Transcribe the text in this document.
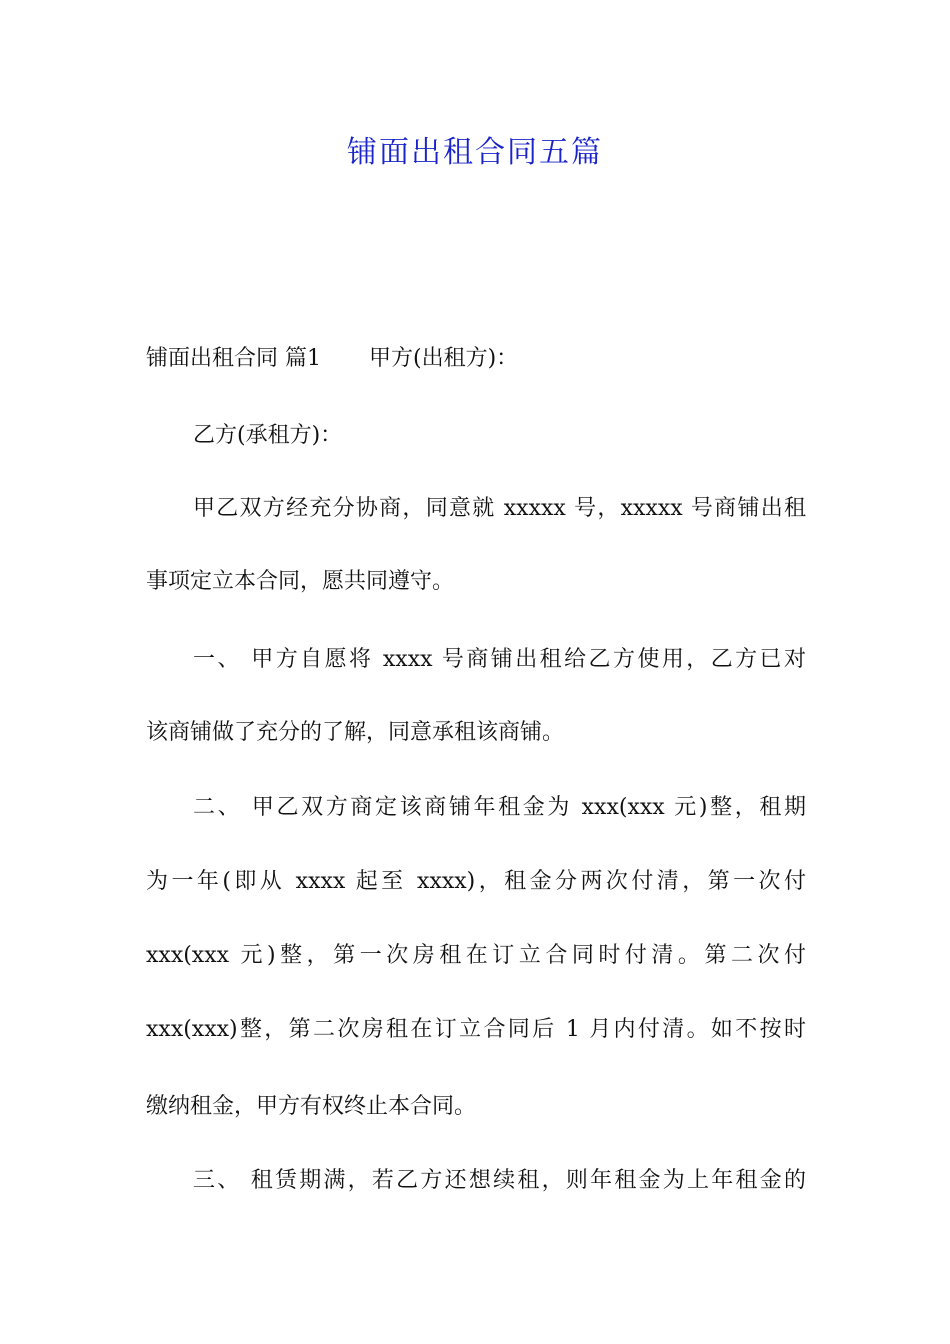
铺面出租合同五篇

铺面出租合同 篇1 甲方(出租方)：

乙方(承租方)：

甲乙双方经充分协商，同意就 xxxxx 号，xxxxx 号商铺出租

事项定立本合同，愿共同遵守。

一、 甲方自愿将 xxxx 号商铺出租给乙方使用，乙方已对

该商铺做了充分的了解，同意承租该商铺。

二、 甲乙双方商定该商铺年租金为 xxx(xxx 元)整，租期

为一年(即从 xxxx 起至 xxxx)，租金分两次付清，第一次付

xxx(xxx 元)整，第一次房租在订立合同时付清。第二次付

xxx(xxx)整，第二次房租在订立合同后 1 月内付清。如不按时

缴纳租金，甲方有权终止本合同。

三、 租赁期满，若乙方还想续租，则年租金为上年租金的
